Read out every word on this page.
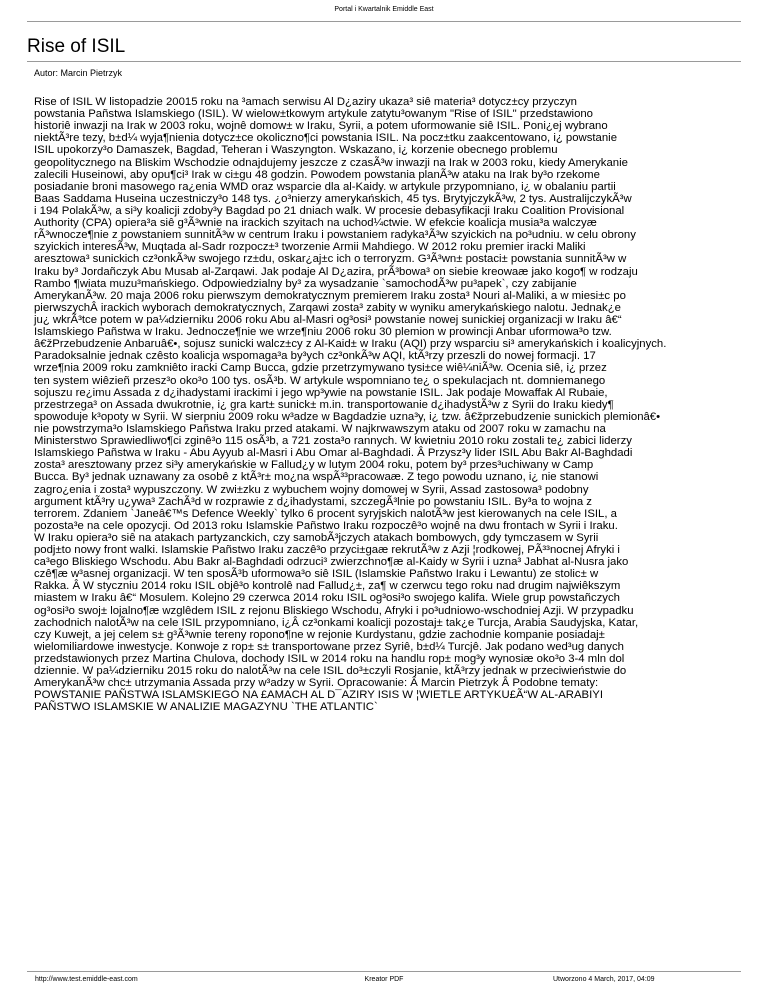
Portal i Kwartalnik Emiddle East
Rise of ISIL
Autor: Marcin Pietrzyk
Rise of ISIL W listopadzie 20015 roku na ³amach serwisu Al D¿aziry ukaza³ siê materia³ dotycz±cy przyczyn
powstania Pañstwa Islamskiego (ISIL). W wielow±tkowym artykule zatytu³owanym "Rise of ISIL" przedstawiono
historiê inwazji na Irak w 2003 roku, wojnê domow± w Iraku, Syrii, a potem uformowanie siê ISIL. Poni¿ej wybrano
niektÃ³re tezy, b±d¼ wyja¶nienia dotycz±ce okoliczno¶ci powstania ISIL. Na pocz±tku zaakcentowano, i¿ powstanie
ISIL upokorzy³o Damaszek, Bagdad, Teheran i Waszyngton. Wskazano, i¿ korzenie obecnego problemu
geopolitycznego na Bliskim Wschodzie odnajdujemy jeszcze z czasÃ³w inwazji na Irak w 2003 roku, kiedy Amerykanie
zalecili Huseinowi, aby opu¶ci³ Irak w ci±gu 48 godzin. Powodem powstania planÃ³w ataku na Irak by³o rzekome
posiadanie broni masowego ra¿enia WMD oraz wsparcie dla al-Kaidy. w artykule przypomniano, i¿ w obalaniu partii
Baas Saddama Huseina uczestniczy³o 148 tys. ¿o³nierzy amerykańskich, 45 tys. BrytyjczykÃ³w, 2 tys. AustralijczykÃ³w
i 194 PolakÃ³w, a si³y koalicji zdoby³y Bagdad po 21 dniach walk. W procesie debasyfikacji Iraku Coalition Provisional
Authority (CPA) opiera³a siê g³Ã³wnie na irackich szyitach na uchod¼ctwie. W efekcie koalicja musia³a walczyæ
rÃ³wnocze¶nie z powstaniem sunnitÃ³w w centrum Iraku i powstaniem radyka³Ã³w szyickich na po³udniu. w celu obrony
szyickich interesÃ³w, Muqtada al-Sadr rozpocz±³ tworzenie Armii Mahdiego. W 2012 roku premier iracki Maliki
aresztowa³ sunickich cz³onkÃ³w swojego rz±du, oskar¿aj±c ich o terroryzm. G³Ã³wn± postaci± powstania sunnitÃ³w w
Iraku by³ Jordañczyk Abu Musab al-Zarqawi. Jak podaje Al D¿azira, prÃ³bowa³ on siebie kreowaæ jako kogo¶ w rodzaju
Rambo ¶wiata muzu³mańskiego. Odpowiedzialny by³ za wysadzanie `samochodÃ³w pu³apek`, czy zabijanie
AmerykanÃ³w. 20 maja 2006 roku pierwszym demokratycznym premierem Iraku zosta³ Nouri al-Maliki, a w miesi±c po
pierwszychÂ irackich wyborach demokratycznych, Zarqawi zosta³ zabity w wyniku amerykańskiego nalotu. Jednak¿e
ju¿ wkrÃ³tce potem w pa¼dzierniku 2006 roku Abu al-Masri og³osi³ powstanie nowej sunickiej organizacji w Iraku â€“
Islamskiego Pañstwa w Iraku. Jednocze¶nie we wrze¶niu 2006 roku 30 plemion w prowincji Anbar uformowa³o tzw.
â€žPrzebudzenie Anbaruâ€•, sojusz sunicki walcz±cy z Al-Kaid± w Iraku (AQI) przy wsparciu si³ amerykańskich i koalicyjnych.
Paradoksalnie jednak czêsto koalicja wspomaga³a by³ych cz³onkÃ³w AQI, ktÃ³rzy przeszli do nowej formacji. 17
wrze¶nia 2009 roku zamkniêto iracki Camp Bucca, gdzie przetrzymywano tysi±ce wiê¼niÃ³w. Ocenia siê, i¿ przez
ten system wiêzieñ przesz³o oko³o 100 tys. osÃ³b. W artykule wspomniano te¿ o spekulacjach nt. domniemanego
sojuszu re¿imu Assada z d¿ihadystami irackimi i jego wp³ywie na powstanie ISIL. Jak podaje Mowaffak Al Rubaie,
przestrzega³ on Assada dwukrotnie, i¿ gra kart± sunick± m.in. transportowanie d¿ihadystÃ³w z Syrii do Iraku kiedy¶
spowoduje k³opoty w Syrii. W sierpniu 2009 roku w³adze w Bagdadzie uzna³y, i¿ tzw. â€žprzebudzenie sunickich plemionâ€•
nie powstrzyma³o Islamskiego Pañstwa Iraku przed atakami. W najkrwawszym ataku od 2007 roku w zamachu na
Ministerstwo Sprawiedliwo¶ci zginê³o 115 osÃ³b, a 721 zosta³o rannych. W kwietniu 2010 roku zostali te¿ zabici liderzy
Islamskiego Pañstwa w Iraku - Abu Ayyub al-Masri i Abu Omar al-Baghdadi. Â Przysz³y lider ISIL Abu Bakr Al-Baghdadi
zosta³ aresztowany przez si³y amerykańskie w Fallud¿y w lutym 2004 roku, potem by³ przes³uchiwany w Camp
Bucca. By³ jednak uznawany za osobê z ktÃ³r± mo¿na wspÃ³³pracowaæ. Z tego powodu uznano, i¿ nie stanowi
zagro¿enia i zosta³ wypuszczony. W zwi±zku z wybuchem wojny domowej w Syrii, Assad zastosowa³ podobny
argument ktÃ³ry u¿ywa³ ZachÃ³d w rozprawie z d¿ihadystami, szczegÃ³lnie po powstaniu ISIL. By³a to wojna z
terrorem. Zdaniem `Janeâ€™s Defence Weekly` tylko 6 procent syryjskich nalotÃ³w jest kierowanych na cele ISIL, a
pozosta³e na cele opozycji. Od 2013 roku Islamskie Pañstwo Iraku rozpoczê³o wojnê na dwu frontach w Syrii i Iraku.
W Iraku opiera³o siê na atakach partyzanckich, czy samobÃ³jczych atakach bombowych, gdy tymczasem w Syrii
podj±to nowy front walki. Islamskie Pañstwo Iraku zaczê³o przyci±gaæ rekrutÃ³w z Azji ¦rodkowej, PÃ³³nocnej Afryki i
ca³ego Bliskiego Wschodu. Abu Bakr al-Baghdadi odrzuci³ zwierzchno¶æ al-Kaidy w Syrii i uzna³ Jabhat al-Nusra jako
czê¶æ w³asnej organizacji. W ten sposÃ³b uformowa³o siê ISIL (Islamskie Pañstwo Iraku i Lewantu) ze stolic± w
Rakka. Â W styczniu 2014 roku ISIL objê³o kontrolê nad Fallud¿±, za¶ w czerwcu tego roku nad drugim najwiêkszym
miastem w Iraku â€“ Mosulem. Kolejno 29 czerwca 2014 roku ISIL og³osi³o swojego kalifa. Wiele grup powstañczych
og³osi³o swoj± lojalno¶æ wzglêdem ISIL z rejonu Bliskiego Wschodu, Afryki i po³udniowo-wschodniej Azji. W przypadku
zachodnich nalotÃ³w na cele ISIL przypomniano, i¿Â cz³onkami koalicji pozostaj± tak¿e Turcja, Arabia Saudyjska, Katar,
czy Kuwejt, a jej celem s± g³Ã³wnie tereny ropono¶ne w rejonie Kurdystanu, gdzie zachodnie kompanie posiadaj±
wielomiliardowe inwestycje. Konwoje z rop± s± transportowane przez Syriê, b±d¼ Turcjê. Jak podano wed³ug danych
przedstawionych przez Martina Chulova, dochody ISIL w 2014 roku na handlu rop± mog³y wynosiæ oko³o 3-4 mln dol
dziennie. W pa¼dzierniku 2015 roku do nalotÃ³w na cele ISIL do³±czyli Rosjanie, ktÃ³rzy jednak w przeciwieństwie do
AmerykanÃ³w chc± utrzymania Assada przy w³adzy w Syrii. Opracowanie: Â Marcin Pietrzyk Â Podobne tematy:
POWSTANIE PAÑSTWA ISLAMSKIEGO NA £AMACH AL D¯AZIRY ISIS W ¦WIETLE ARTYKU£Ã“W AL-ARABIYI
PAÑSTWO ISLAMSKIE W ANALIZIE MAGAZYNU `THE ATLANTIC`
http://www.test.emiddle-east.com	Kreator PDF	Utworzono 4 March, 2017, 04:09
